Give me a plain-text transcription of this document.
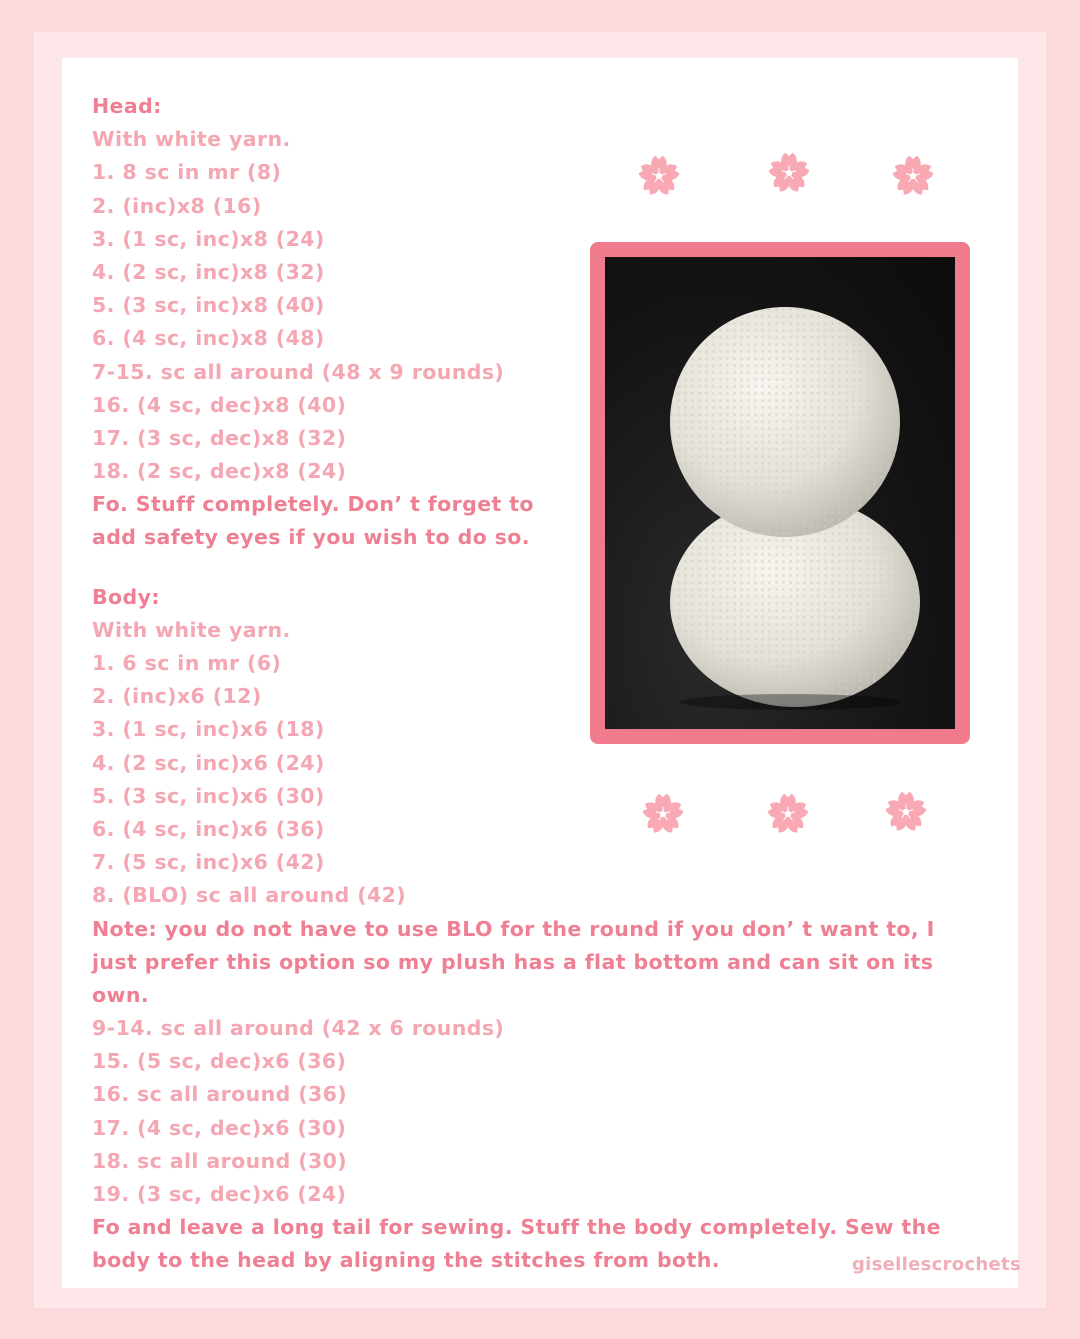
Head:
With white yarn.
1. 8 sc in mr (8)
2. (inc)x8 (16)
3. (1 sc, inc)x8 (24)
4. (2 sc, inc)x8 (32)
5. (3 sc, inc)x8 (40)
6. (4 sc, inc)x8 (48)
7-15. sc all around (48 x 9 rounds)
16. (4 sc, dec)x8 (40)
17. (3 sc, dec)x8 (32)
18. (2 sc, dec)x8 (24)
Fo. Stuff completely. Don’ t forget to
add safety eyes if you wish to do so.
Body:
With white yarn.
1. 6 sc in mr (6)
2. (inc)x6 (12)
3. (1 sc, inc)x6 (18)
4. (2 sc, inc)x6 (24)
5. (3 sc, inc)x6 (30)
6. (4 sc, inc)x6 (36)
7. (5 sc, inc)x6 (42)
8. (BLO) sc all around (42)
Note: you do not have to use BLO for the round if you don’ t want to, I
just prefer this option so my plush has a flat bottom and can sit on its
own.
9-14. sc all around (42 x 6 rounds)
15. (5 sc, dec)x6 (36)
16. sc all around (36)
17. (4 sc, dec)x6 (30)
18. sc all around (30)
19. (3 sc, dec)x6 (24)
Fo and leave a long tail for sewing. Stuff the body completely. Sew the
body to the head by aligning the stitches from both.	gisellescrochets
